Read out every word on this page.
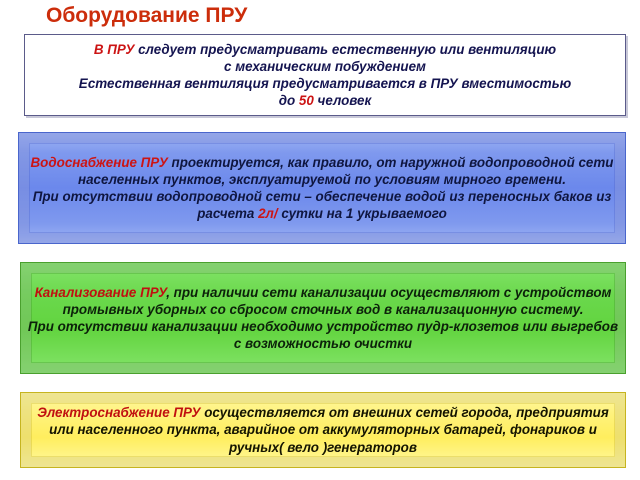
Оборудование ПРУ

В ПРУ следует предусматривать естественную или вентиляцию

с механическим побуждением

Естественная вентиляция предусматривается в ПРУ вместимостью

до 50 человек

Водоснабжение ПРУ проектируется, как правило, от наружной водопроводной сети населенных пунктов, эксплуатируемой по условиям мирного времени.

При отсутствии водопроводной сети – обеспечение водой из переносных баков из расчета 2л/ сутки на 1 укрываемого

Канализование ПРУ, при наличии сети канализации осуществляют с устройством промывных уборных со сбросом сточных вод в канализационную систему.

При отсутствии канализации необходимо устройство пудр-клозетов или выгребов с возможностью очистки

Электроснабжение ПРУ осуществляется от внешних сетей города, предприятия или населенного пункта, аварийное от аккумуляторных батарей, фонариков и ручных( вело )генераторов
